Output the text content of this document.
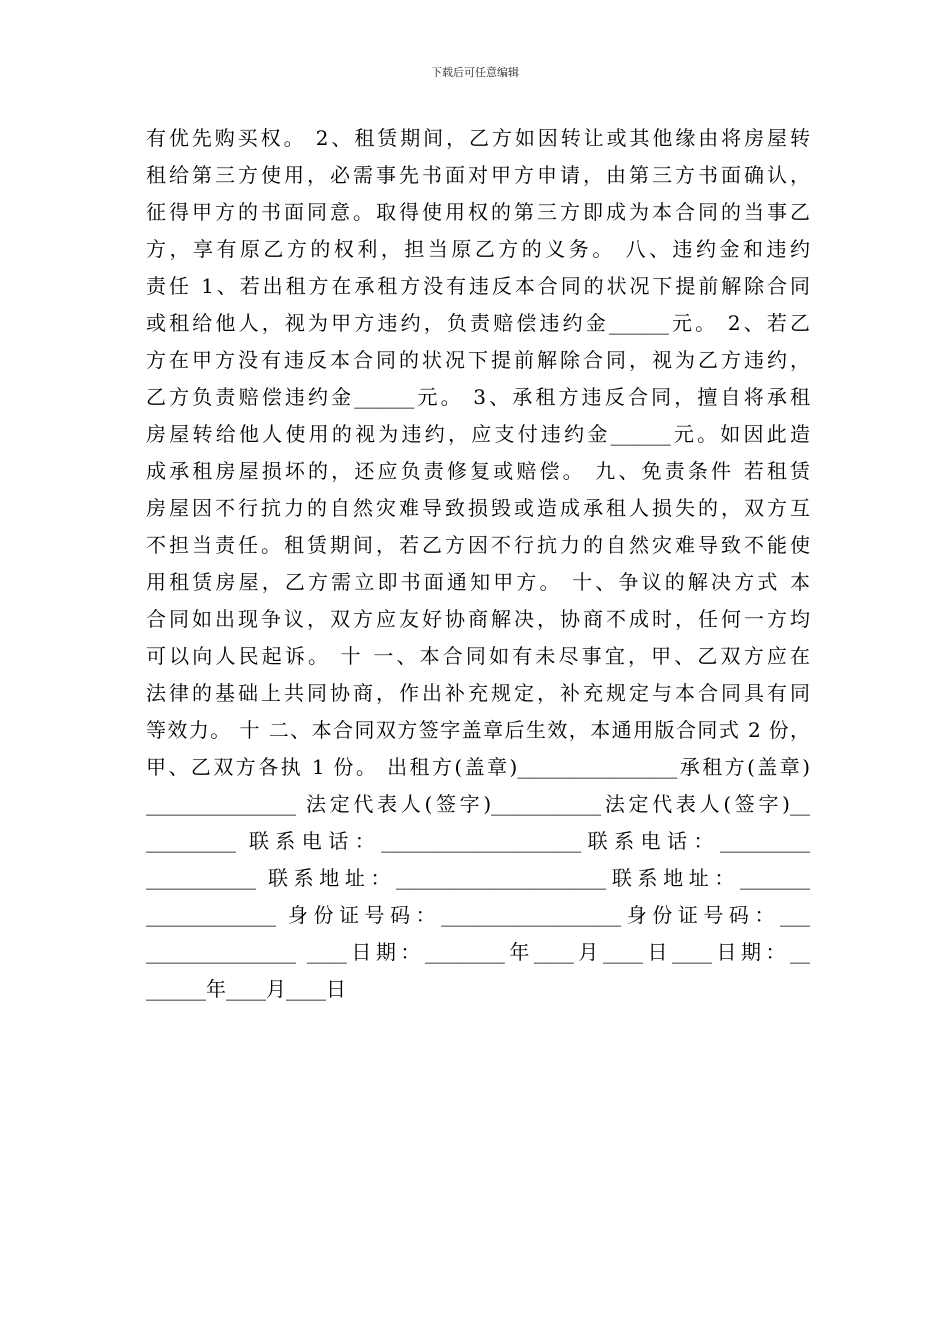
下载后可任意编辑
有优先购买权。 2、租赁期间，乙方如因转让或其他缘由将房屋转
租给第三方使用，必需事先书面对甲方申请，由第三方书面确认，
征得甲方的书面同意。取得使用权的第三方即成为本合同的当事乙
方，享有原乙方的权利，担当原乙方的义务。 八、违约金和违约
责任 1、若出租方在承租方没有违反本合同的状况下提前解除合同
或租给他人，视为甲方违约，负责赔偿违约金______元。 2、若乙
方在甲方没有违反本合同的状况下提前解除合同，视为乙方违约，
乙方负责赔偿违约金______元。 3、承租方违反合同，擅自将承租
房屋转给他人使用的视为违约，应支付违约金______元。如因此造
成承租房屋损坏的，还应负责修复或赔偿。 九、免责条件 若租赁
房屋因不行抗力的自然灾难导致损毁或造成承租人损失的，双方互
不担当责任。租赁期间，若乙方因不行抗力的自然灾难导致不能使
用租赁房屋，乙方需立即书面通知甲方。 十、争议的解决方式 本
合同如出现争议，双方应友好协商解决，协商不成时，任何一方均
可以向人民起诉。 十 一、本合同如有未尽事宜，甲、乙双方应在
法律的基础上共同协商，作出补充规定，补充规定与本合同具有同
等效力。 十 二、本合同双方签字盖章后生效，本通用版合同式 2 份，
甲、乙双方各执 1 份。 出租方(盖章)________________承租方(盖章)
_______________ 法定代表人(签字)___________法定代表人(签字)__
_________ 联系电话：____________________联系电话：_________
___________ 联系地址：_____________________联系地址：_______
_____________ 身份证号码：__________________身份证号码：___
_______________ ____日期：________年____月____日____日期：__
______年____月____日
